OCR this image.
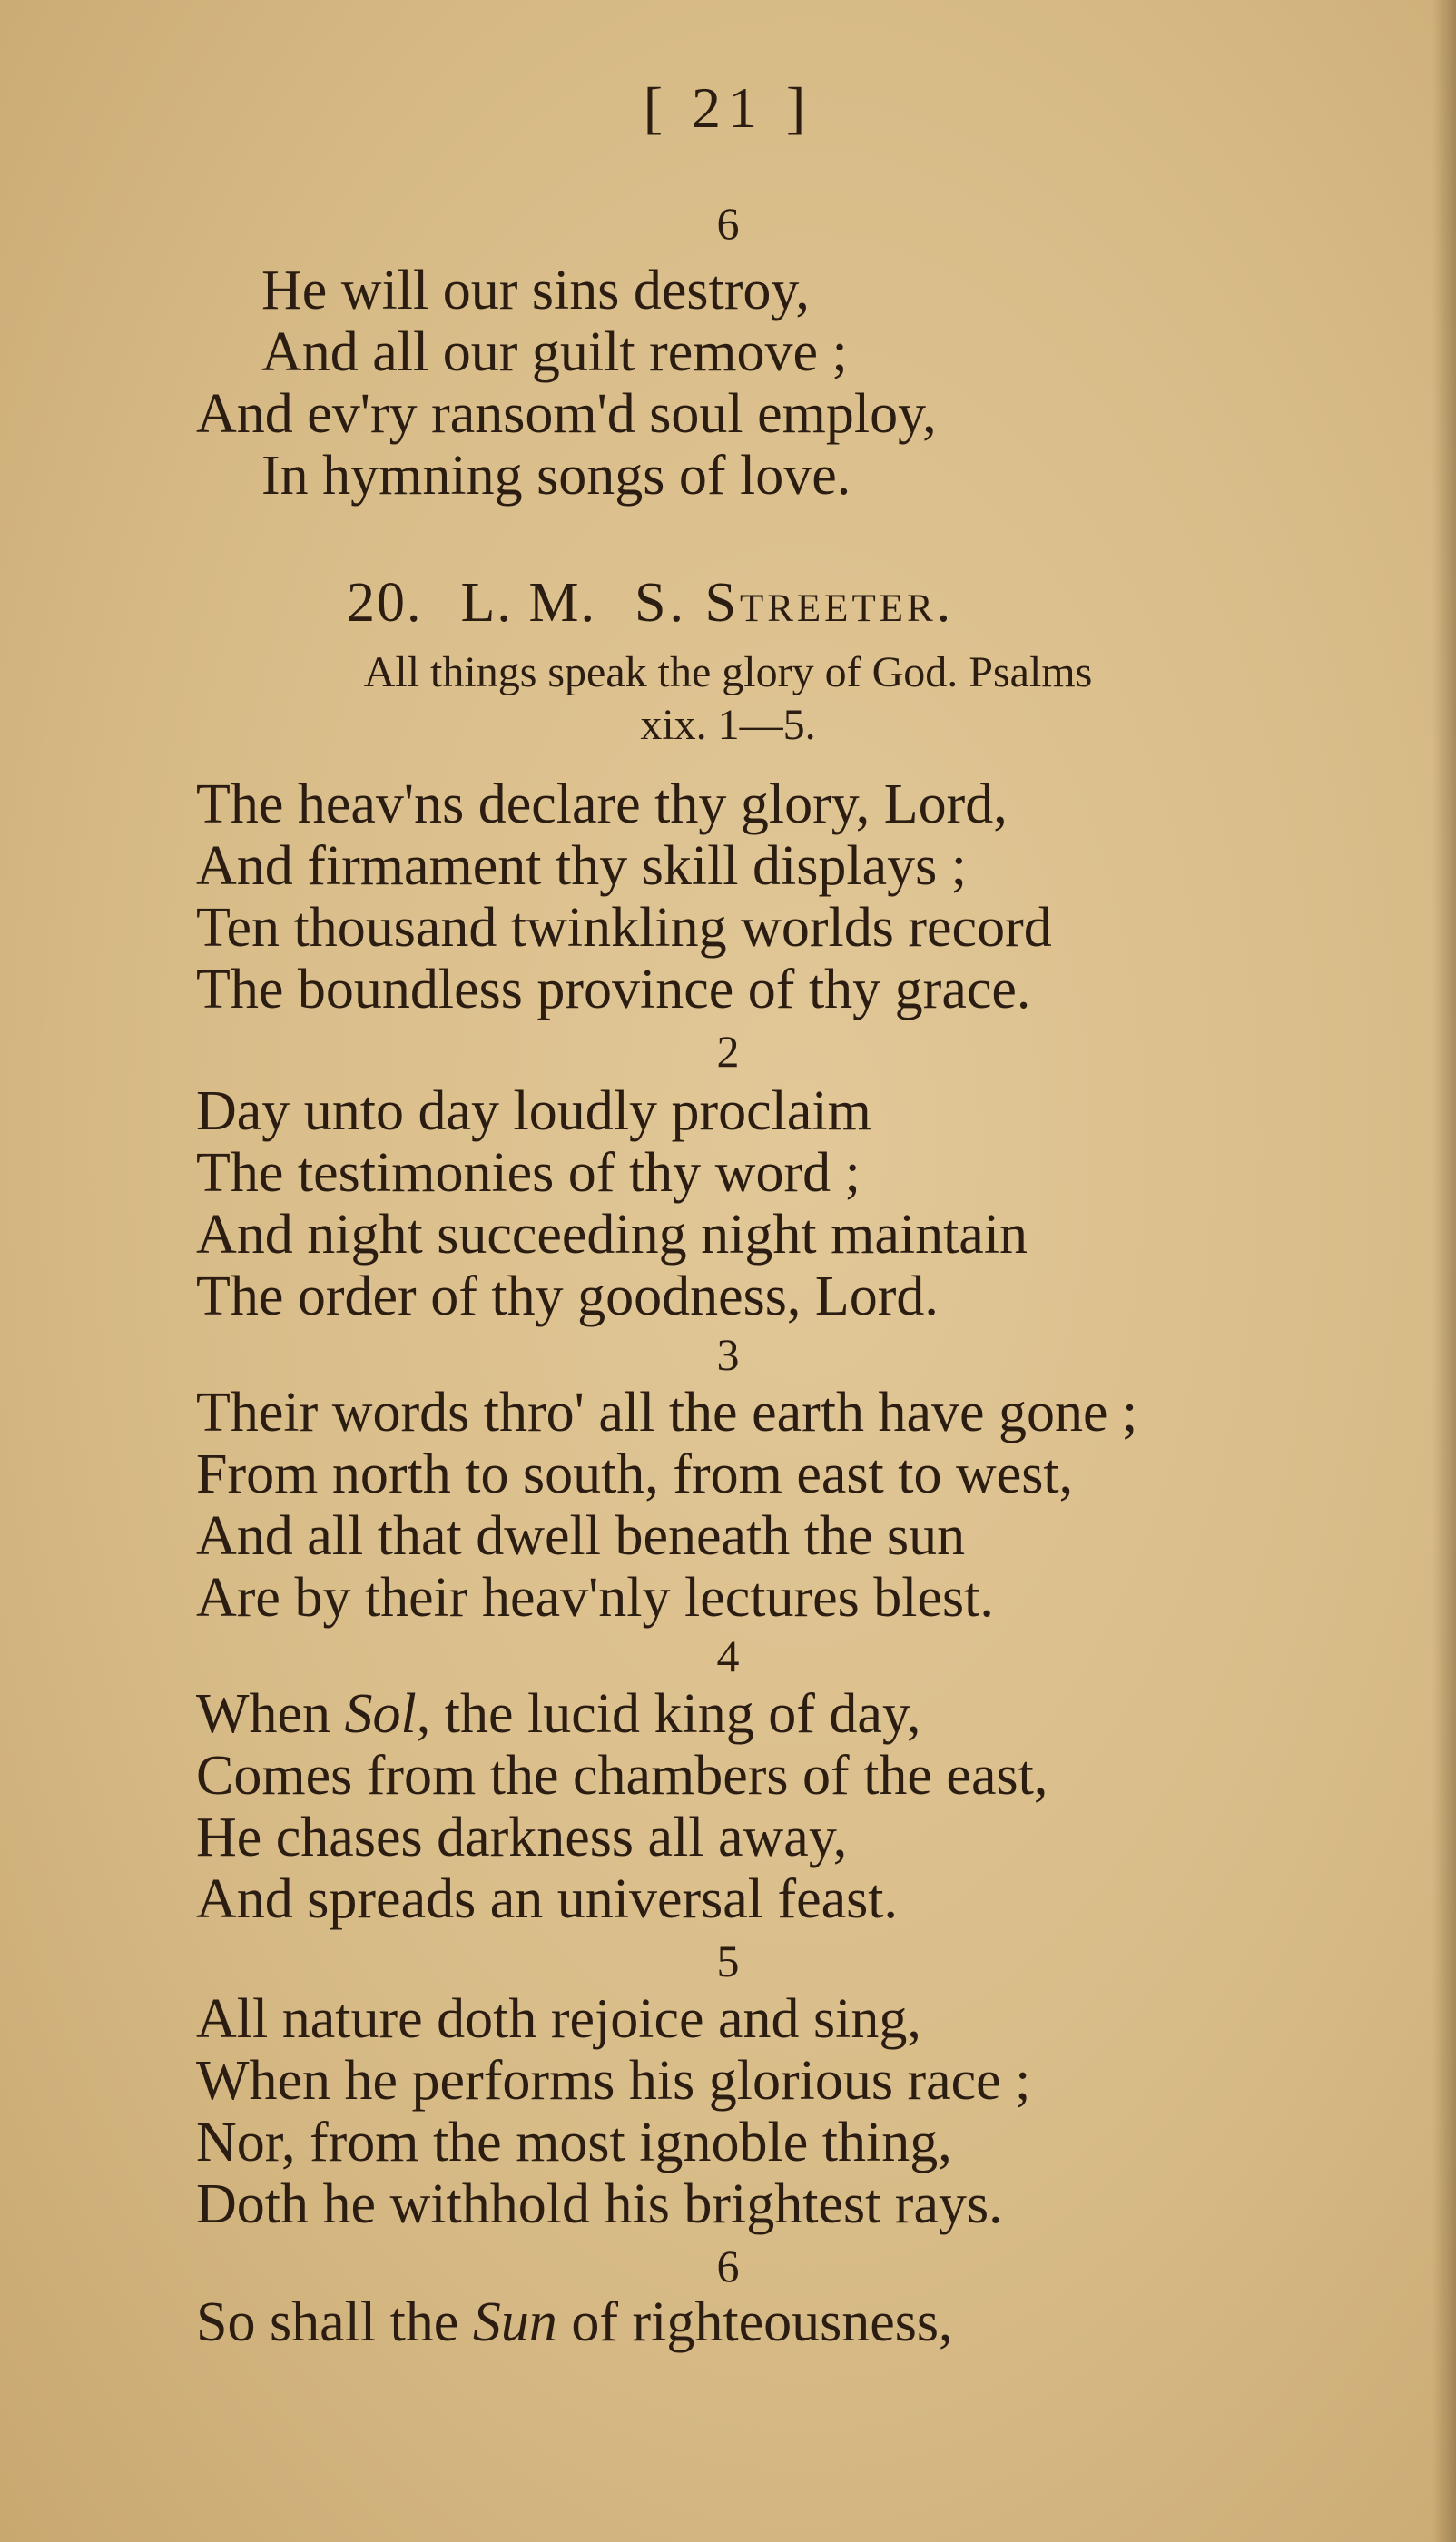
[ 21 ]
6
He will our sins destroy,
And all our guilt remove ;
And ev'ry ransom'd soul employ,
In hymning songs of love.
20. L. M. S. Streeter.
All things speak the glory of God. Psalms
xix. 1—5.
The heav'ns declare thy glory, Lord,
And firmament thy skill displays ;
Ten thousand twinkling worlds record
The boundless province of thy grace.
2
Day unto day loudly proclaim
The testimonies of thy word ;
And night succeeding night maintain
The order of thy goodness, Lord.
3
Their words thro' all the earth have gone ;
From north to south, from east to west,
And all that dwell beneath the sun
Are by their heav'nly lectures blest.
4
When Sol, the lucid king of day,
Comes from the chambers of the east,
He chases darkness all away,
And spreads an universal feast.
5
All nature doth rejoice and sing,
When he performs his glorious race ;
Nor, from the most ignoble thing,
Doth he withhold his brightest rays.
6
So shall the Sun of righteousness,
